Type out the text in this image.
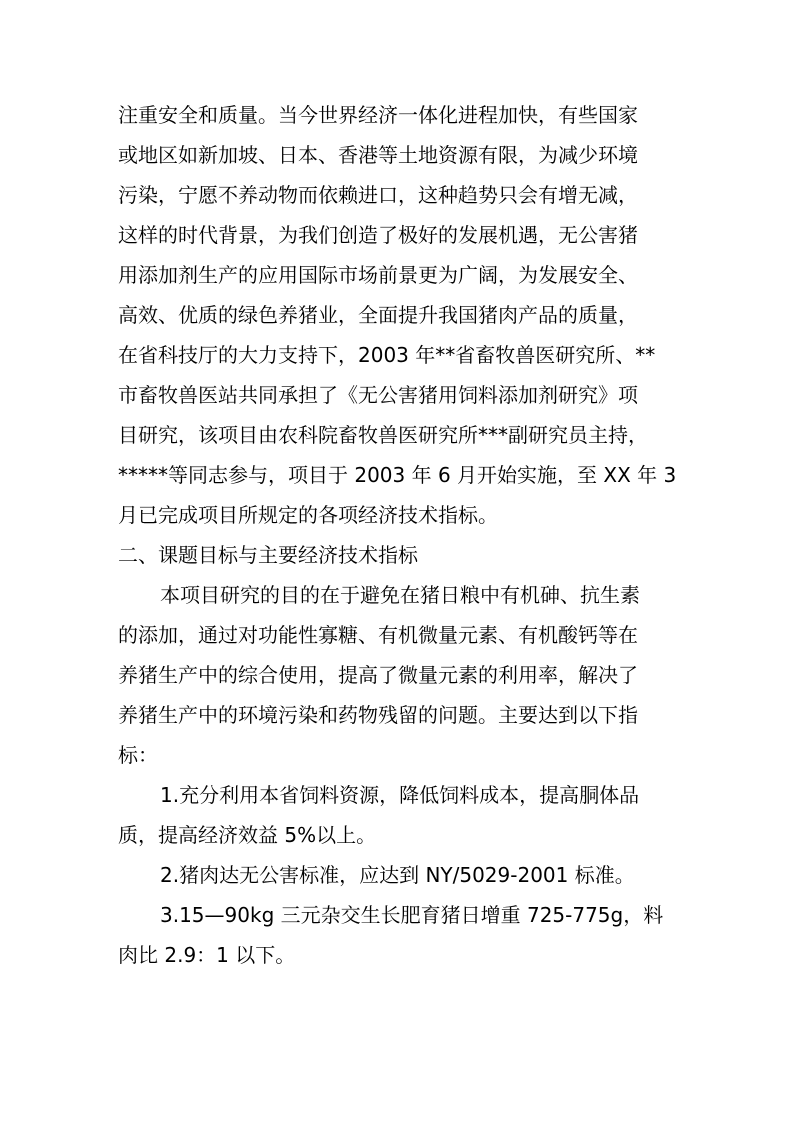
注重安全和质量。当今世界经济一体化进程加快，有些国家
或地区如新加坡、日本、香港等土地资源有限，为减少环境
污染，宁愿不养动物而依赖进口，这种趋势只会有增无减，
这样的时代背景，为我们创造了极好的发展机遇，无公害猪
用添加剂生产的应用国际市场前景更为广阔，为发展安全、
高效、优质的绿色养猪业，全面提升我国猪肉产品的质量，
在省科技厅的大力支持下，2003 年**省畜牧兽医研究所、**
市畜牧兽医站共同承担了《无公害猪用饲料添加剂研究》项
目研究，该项目由农科院畜牧兽医研究所***副研究员主持，
*****等同志参与，项目于 2003 年 6 月开始实施，至 XX 年 3
月已完成项目所规定的各项经济技术指标。
二、课题目标与主要经济技术指标
本项目研究的目的在于避免在猪日粮中有机砷、抗生素
的添加，通过对功能性寡糖、有机微量元素、有机酸钙等在
养猪生产中的综合使用，提高了微量元素的利用率，解决了
养猪生产中的环境污染和药物残留的问题。主要达到以下指
标：
1.充分利用本省饲料资源，降低饲料成本，提高胴体品
质，提高经济效益 5%以上。
2.猪肉达无公害标准，应达到 NY/5029-2001 标准。
3.15—90kg 三元杂交生长肥育猪日增重 725-775g，料
肉比 2.9：1 以下。
